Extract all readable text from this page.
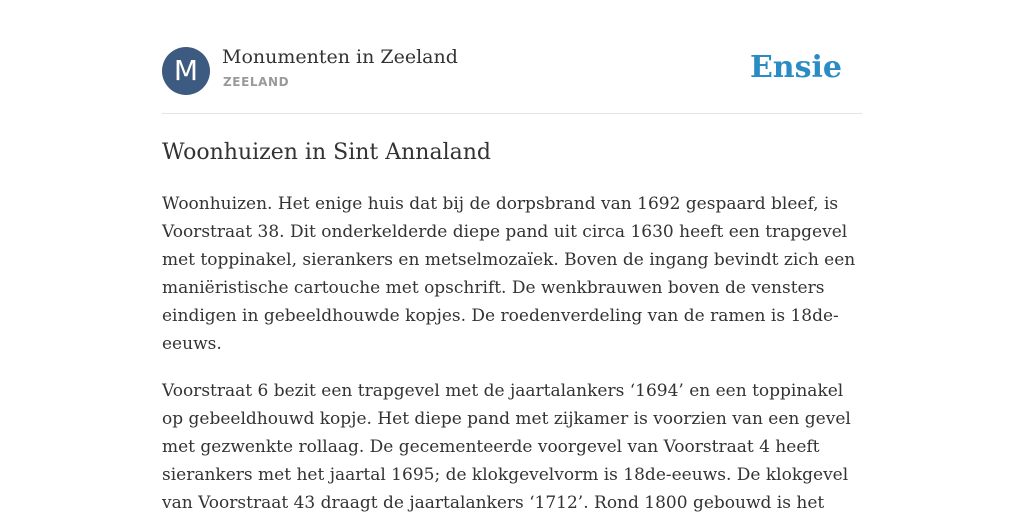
M	Monumenten in Zeeland
ZEELAND	Ensie
Woonhuizen in Sint Annaland

Woonhuizen. Het enige huis dat bij de dorpsbrand van 1692 gespaard bleef, is Voorstraat 38. Dit onderkelderde diepe pand uit circa 1630 heeft een trapgevel met toppinakel, sierankers en metselmozaïek. Boven de ingang bevindt zich een maniëristische cartouche met opschrift. De wenkbrauwen boven de vensters eindigen in gebeeldhouwde kopjes. De roedenverdeling van de ramen is 18de-eeuws.

Voorstraat 6 bezit een trapgevel met de jaartalankers ‘1694’ en een toppinakel op gebeeldhouwd kopje. Het diepe pand met zijkamer is voorzien van een gevel met gezwenkte rollaag. De gecementeerde voorgevel van Voorstraat 4 heeft sierankers met het jaartal 1695; de klokgevelvorm is 18de-eeuws. De klokgevel van Voorstraat 43 draagt de jaartalankers ‘1712’. Rond 1800 gebouwd is het
